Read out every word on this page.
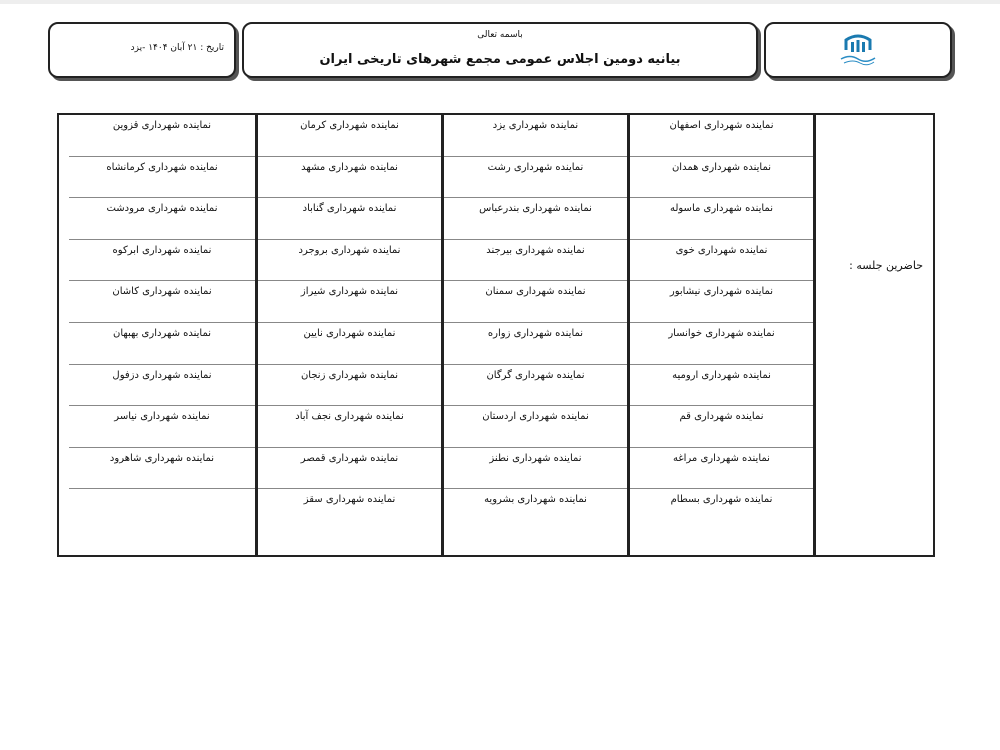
باسمه تعالی
بیانیه دومین اجلاس عمومی مجمع شهرهای تاریخی ایران
تاریخ : ۲۱ آبان ۱۴۰۴ -یزد
حاضرین جلسه :
نماینده شهرداری اصفهان
نماینده شهرداری همدان
نماینده شهرداری ماسوله
نماینده شهرداری خوی
نماینده شهرداری نیشابور
نماینده شهرداری خوانسار
نماینده شهرداری ارومیه
نماینده شهرداری قم
نماینده شهرداری مراغه
نماینده شهرداری بسطام
نماینده شهرداری یزد
نماینده شهرداری رشت
نماینده شهرداری بندرعباس
نماینده شهرداری بیرجند
نماینده شهرداری سمنان
نماینده شهرداری زواره
نماینده شهرداری گرگان
نماینده شهرداری اردستان
نماینده شهرداری نطنز
نماینده شهرداری بشرویه
نماینده شهرداری کرمان
نماینده شهرداری مشهد
نماینده شهرداری گناباد
نماینده شهرداری بروجرد
نماینده شهرداری شیراز
نماینده شهرداری نایین
نماینده شهرداری زنجان
نماینده شهرداری نجف آباد
نماینده شهرداری قمصر
نماینده شهرداری سقز
نماینده شهرداری قزوین
نماینده شهرداری کرمانشاه
نماینده شهرداری مرودشت
نماینده شهرداری ابرکوه
نماینده شهرداری کاشان
نماینده شهرداری بهبهان
نماینده شهرداری دزفول
نماینده شهرداری نیاسر
نماینده شهرداری شاهرود
